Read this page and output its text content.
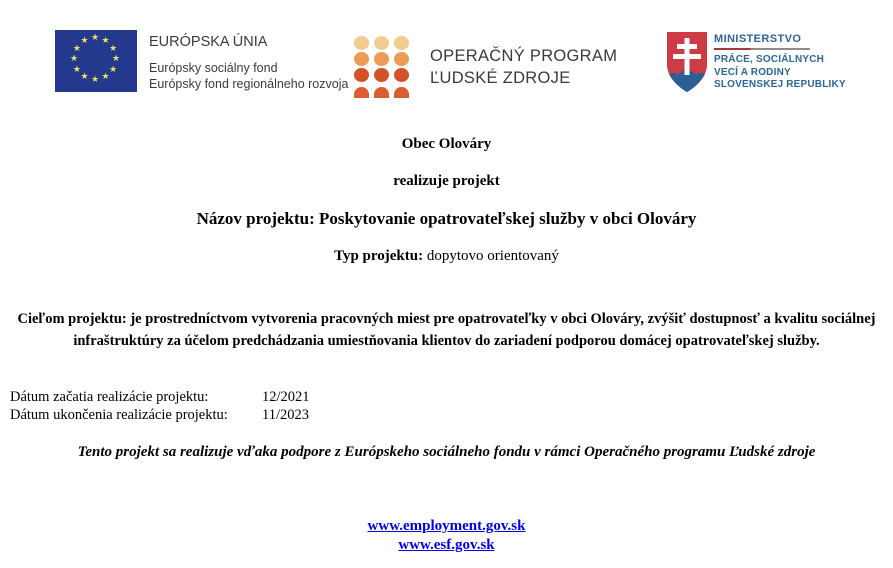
★ ★
★
★
★
★
★
★
★
★
★
★	EURÓPSKA ÚNIA
Európsky sociálny fond
Európsky fond regionálneho rozvoja
OPERAČNÝ PROGRAM
ĽUDSKÉ ZDROJE
MINISTERSTVO
PRÁCE, SOCIÁLNYCH
VECÍ A RODINY
SLOVENSKEJ REPUBLIKY
Obec Olováry
realizuje projekt
Názov projektu: Poskytovanie opatrovateľskej služby v obci Olováry
Typ projektu: dopytovo orientovaný
Cieľom projektu: je prostredníctvom vytvorenia pracovných miest pre opatrovateľky v obci Olováry, zvýšiť dostupnosť a kvalitu sociálnej infraštruktúry za účelom predchádzania umiestňovania klientov do zariadení podporou domácej opatrovateľskej služby.
Dátum začatia realizácie projektu:	12/2021
Dátum ukončenia realizácie projektu: 11/2023
Tento projekt sa realizuje vďaka podpore z Európskeho sociálneho fondu v rámci Operačného programu Ľudské zdroje
www.employment.gov.sk
www.esf.gov.sk
